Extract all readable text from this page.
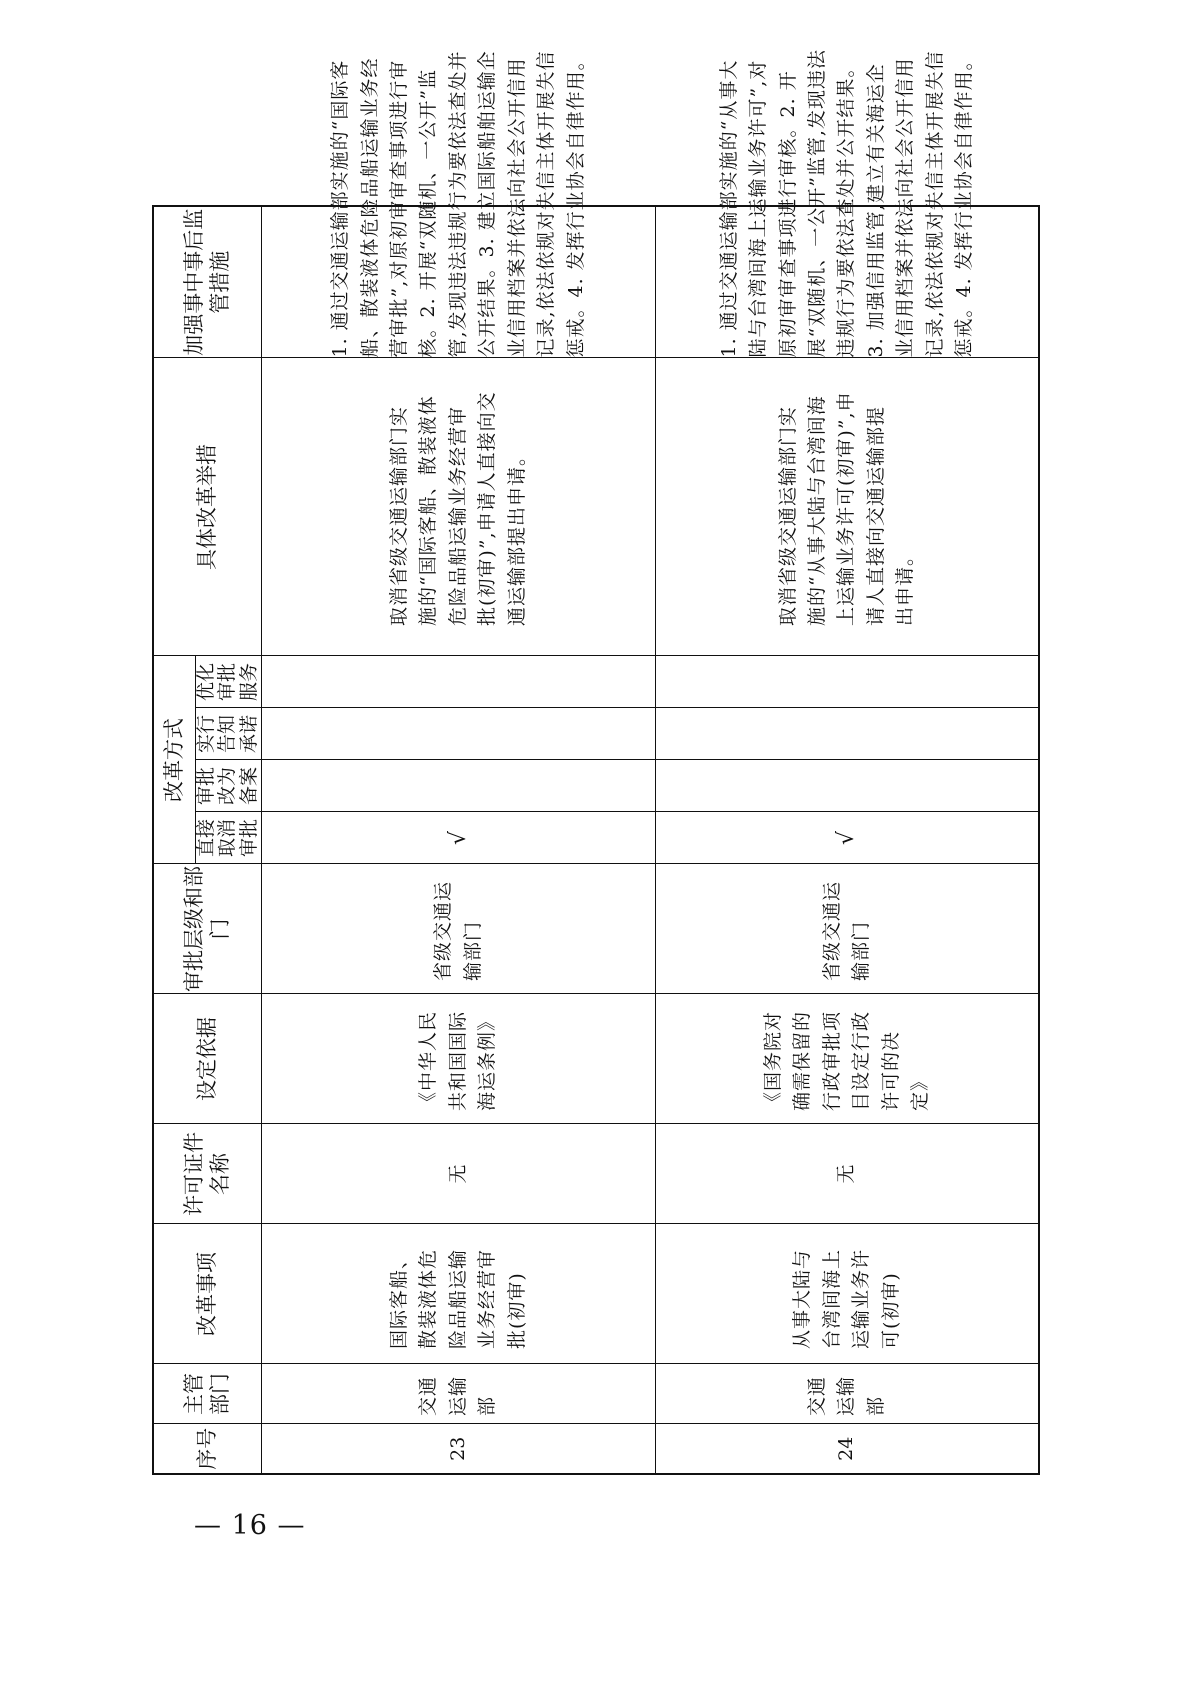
序号	主管部门	改革事项	许可证件名称	设定依据	审批层级和部门	改革方式				具体改革举措	加强事中事后监管措施
						直接取消审批	审批改为备案	实行告知承诺	优化审批服务		
23	交通运输部	国际客船、散装液体危险品船运输业务经营审批(初审)	无	《中华人民共和国国际海运条例》	省级交通运输部门	√				取消省级交通运输部门实施的“国际客船、散装液体危险品船运输业务经营审批(初审)”,申请人直接向交通运输部提出申请。	1. 通过交通运输部实施的“国际客船、散装液体危险品船运输业务经营审批”,对原初审审查事项进行审核。2. 开展“双随机、一公开”监管,发现违法违规行为要依法查处并公开结果。3. 建立国际船舶运输企业信用档案并依法向社会公开信用记录,依法依规对失信主体开展失信惩戒。4. 发挥行业协会自律作用。
24	交通运输部	从事大陆与台湾间海上运输业务许可(初审)	无	《国务院对确需保留的行政审批项目设定行政许可的决定》	省级交通运输部门	√				取消省级交通运输部门实施的“从事大陆与台湾间海上运输业务许可(初审)”,申请人直接向交通运输部提出申请。	1. 通过交通运输部实施的“从事大陆与台湾间海上运输业务许可”,对原初审审查事项进行审核。2. 开展“双随机、一公开”监管,发现违法违规行为要依法查处并公开结果。3. 加强信用监管,建立有关海运企业信用档案并依法向社会公开信用记录,依法依规对失信主体开展失信惩戒。4. 发挥行业协会自律作用。
— 16 —
